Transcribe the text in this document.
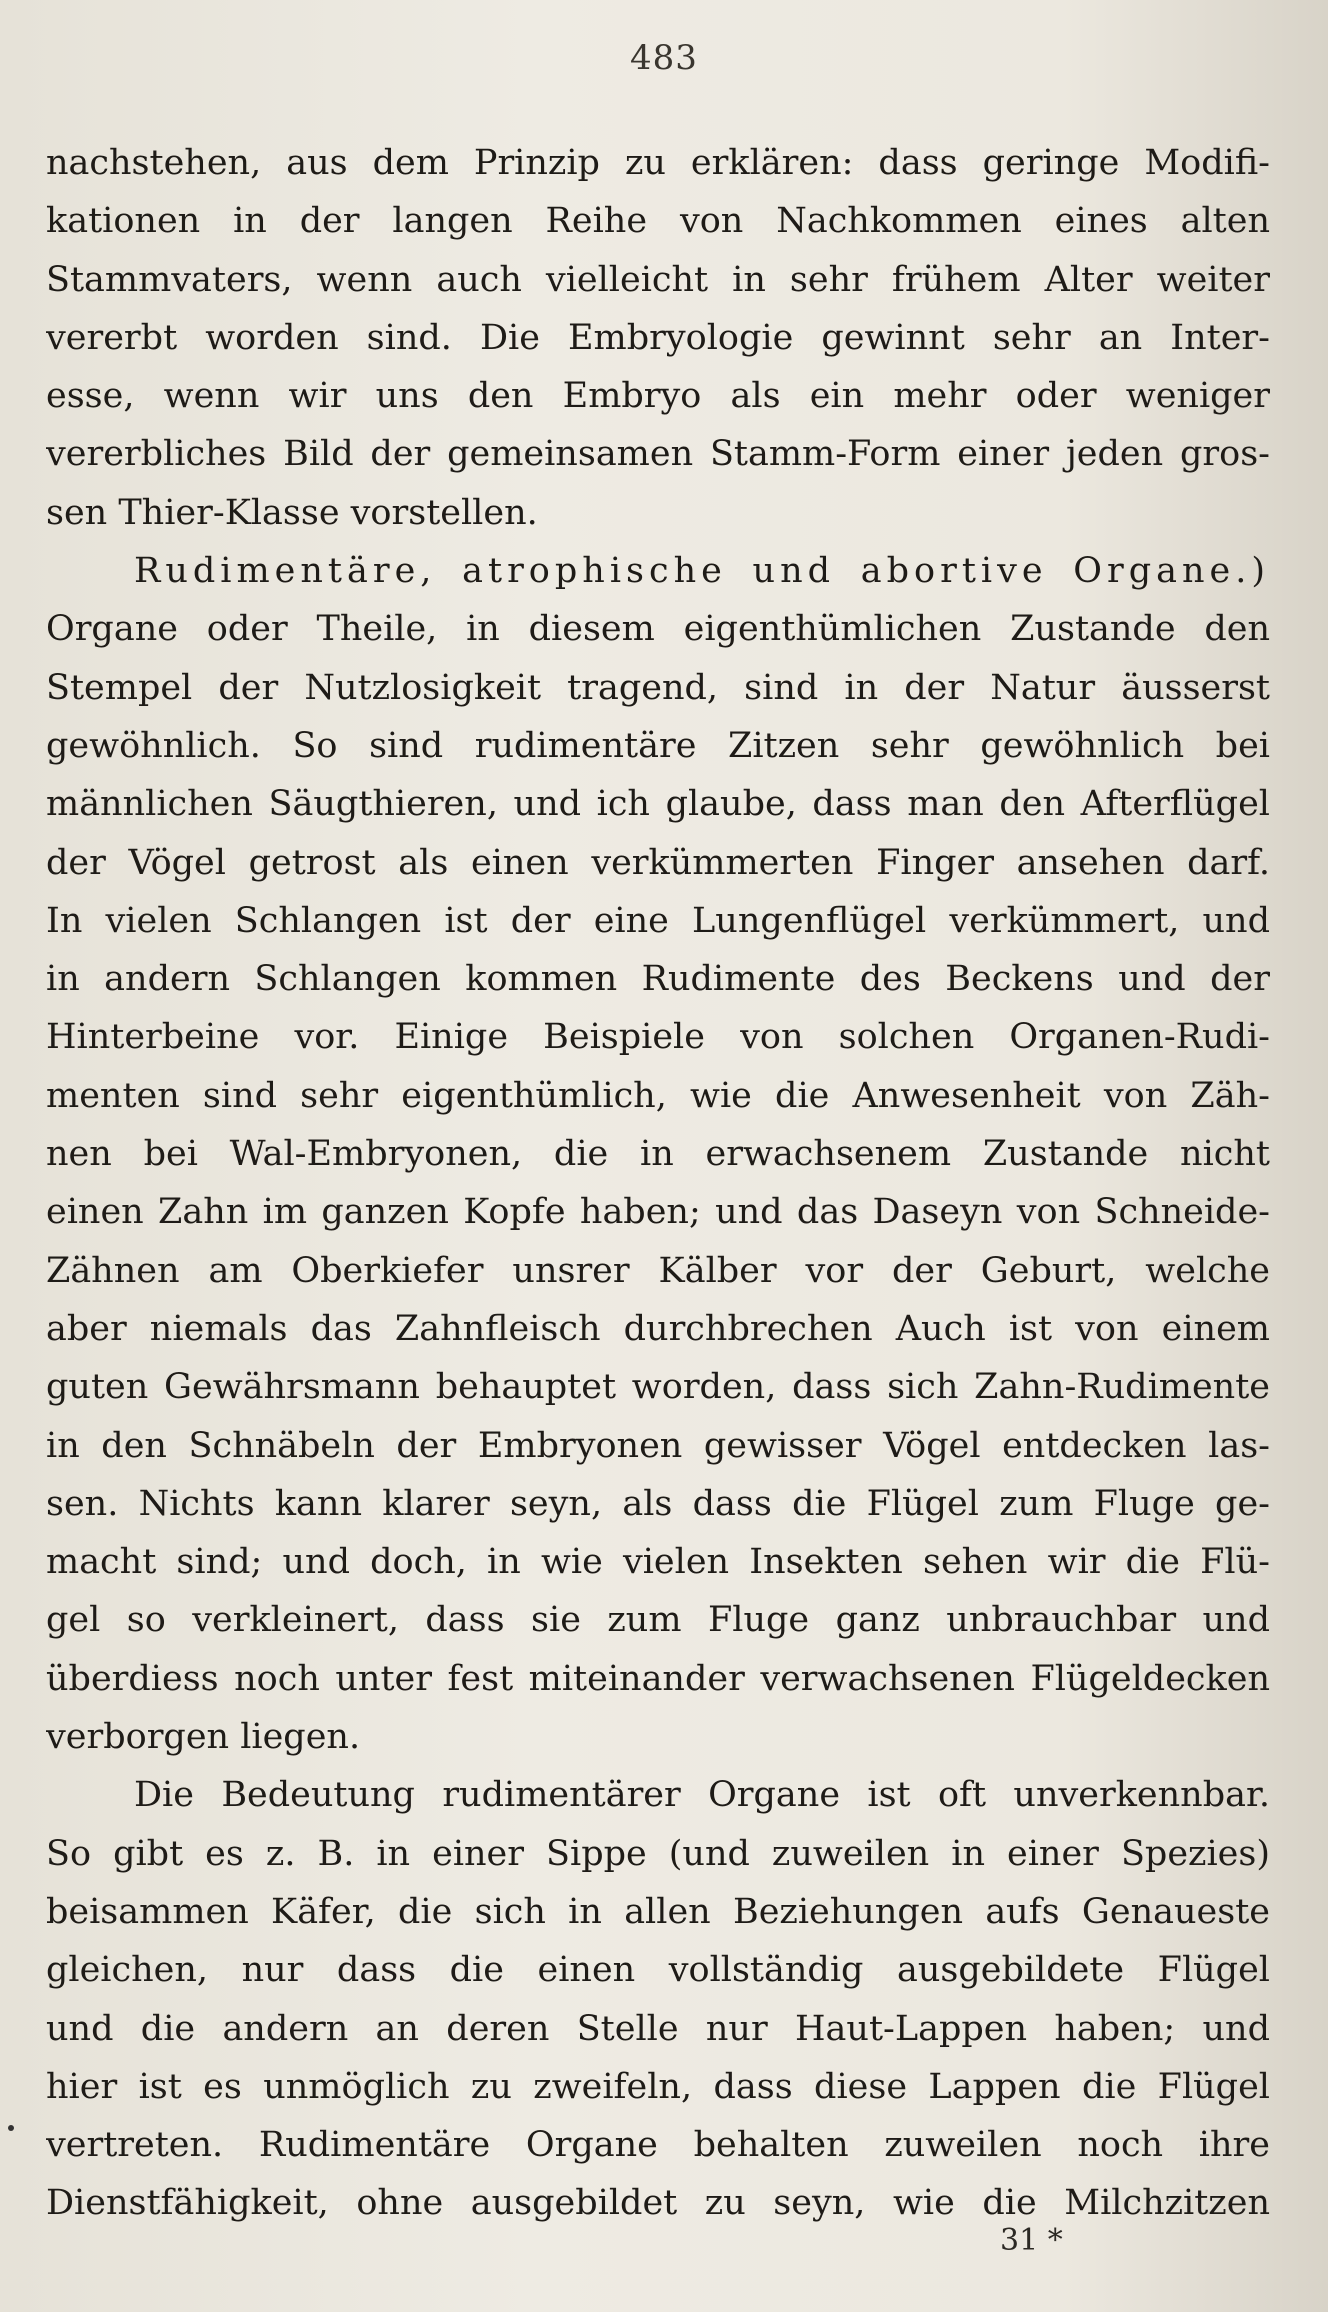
483
nachstehen, aus dem Prinzip zu erklären: dass geringe Modifi-
kationen in der langen Reihe von Nachkommen eines alten
Stammvaters, wenn auch vielleicht in sehr frühem Alter weiter
vererbt worden sind. Die Embryologie gewinnt sehr an Inter-
esse, wenn wir uns den Embryo als ein mehr oder weniger
vererbliches Bild der gemeinsamen Stamm-Form einer jeden gros-
sen Thier-Klasse vorstellen.
Rudimentäre, atrophische und abortive Organe.)
Organe oder Theile, in diesem eigenthümlichen Zustande den
Stempel der Nutzlosigkeit tragend, sind in der Natur äusserst
gewöhnlich. So sind rudimentäre Zitzen sehr gewöhnlich bei
männlichen Säugthieren, und ich glaube, dass man den Afterflügel
der Vögel getrost als einen verkümmerten Finger ansehen darf.
In vielen Schlangen ist der eine Lungenflügel verkümmert, und
in andern Schlangen kommen Rudimente des Beckens und der
Hinterbeine vor. Einige Beispiele von solchen Organen-Rudi-
menten sind sehr eigenthümlich, wie die Anwesenheit von Zäh-
nen bei Wal-Embryonen, die in erwachsenem Zustande nicht
einen Zahn im ganzen Kopfe haben; und das Daseyn von Schneide-
Zähnen am Oberkiefer unsrer Kälber vor der Geburt, welche
aber niemals das Zahnfleisch durchbrechen Auch ist von einem
guten Gewährsmann behauptet worden, dass sich Zahn-Rudimente
in den Schnäbeln der Embryonen gewisser Vögel entdecken las-
sen. Nichts kann klarer seyn, als dass die Flügel zum Fluge ge-
macht sind; und doch, in wie vielen Insekten sehen wir die Flü-
gel so verkleinert, dass sie zum Fluge ganz unbrauchbar und
überdiess noch unter fest miteinander verwachsenen Flügeldecken
verborgen liegen.
Die Bedeutung rudimentärer Organe ist oft unverkennbar.
So gibt es z. B. in einer Sippe (und zuweilen in einer Spezies)
beisammen Käfer, die sich in allen Beziehungen aufs Genaueste
gleichen, nur dass die einen vollständig ausgebildete Flügel
und die andern an deren Stelle nur Haut-Lappen haben; und
hier ist es unmöglich zu zweifeln, dass diese Lappen die Flügel
vertreten. Rudimentäre Organe behalten zuweilen noch ihre
Dienstfähigkeit, ohne ausgebildet zu seyn, wie die Milchzitzen
31 *
